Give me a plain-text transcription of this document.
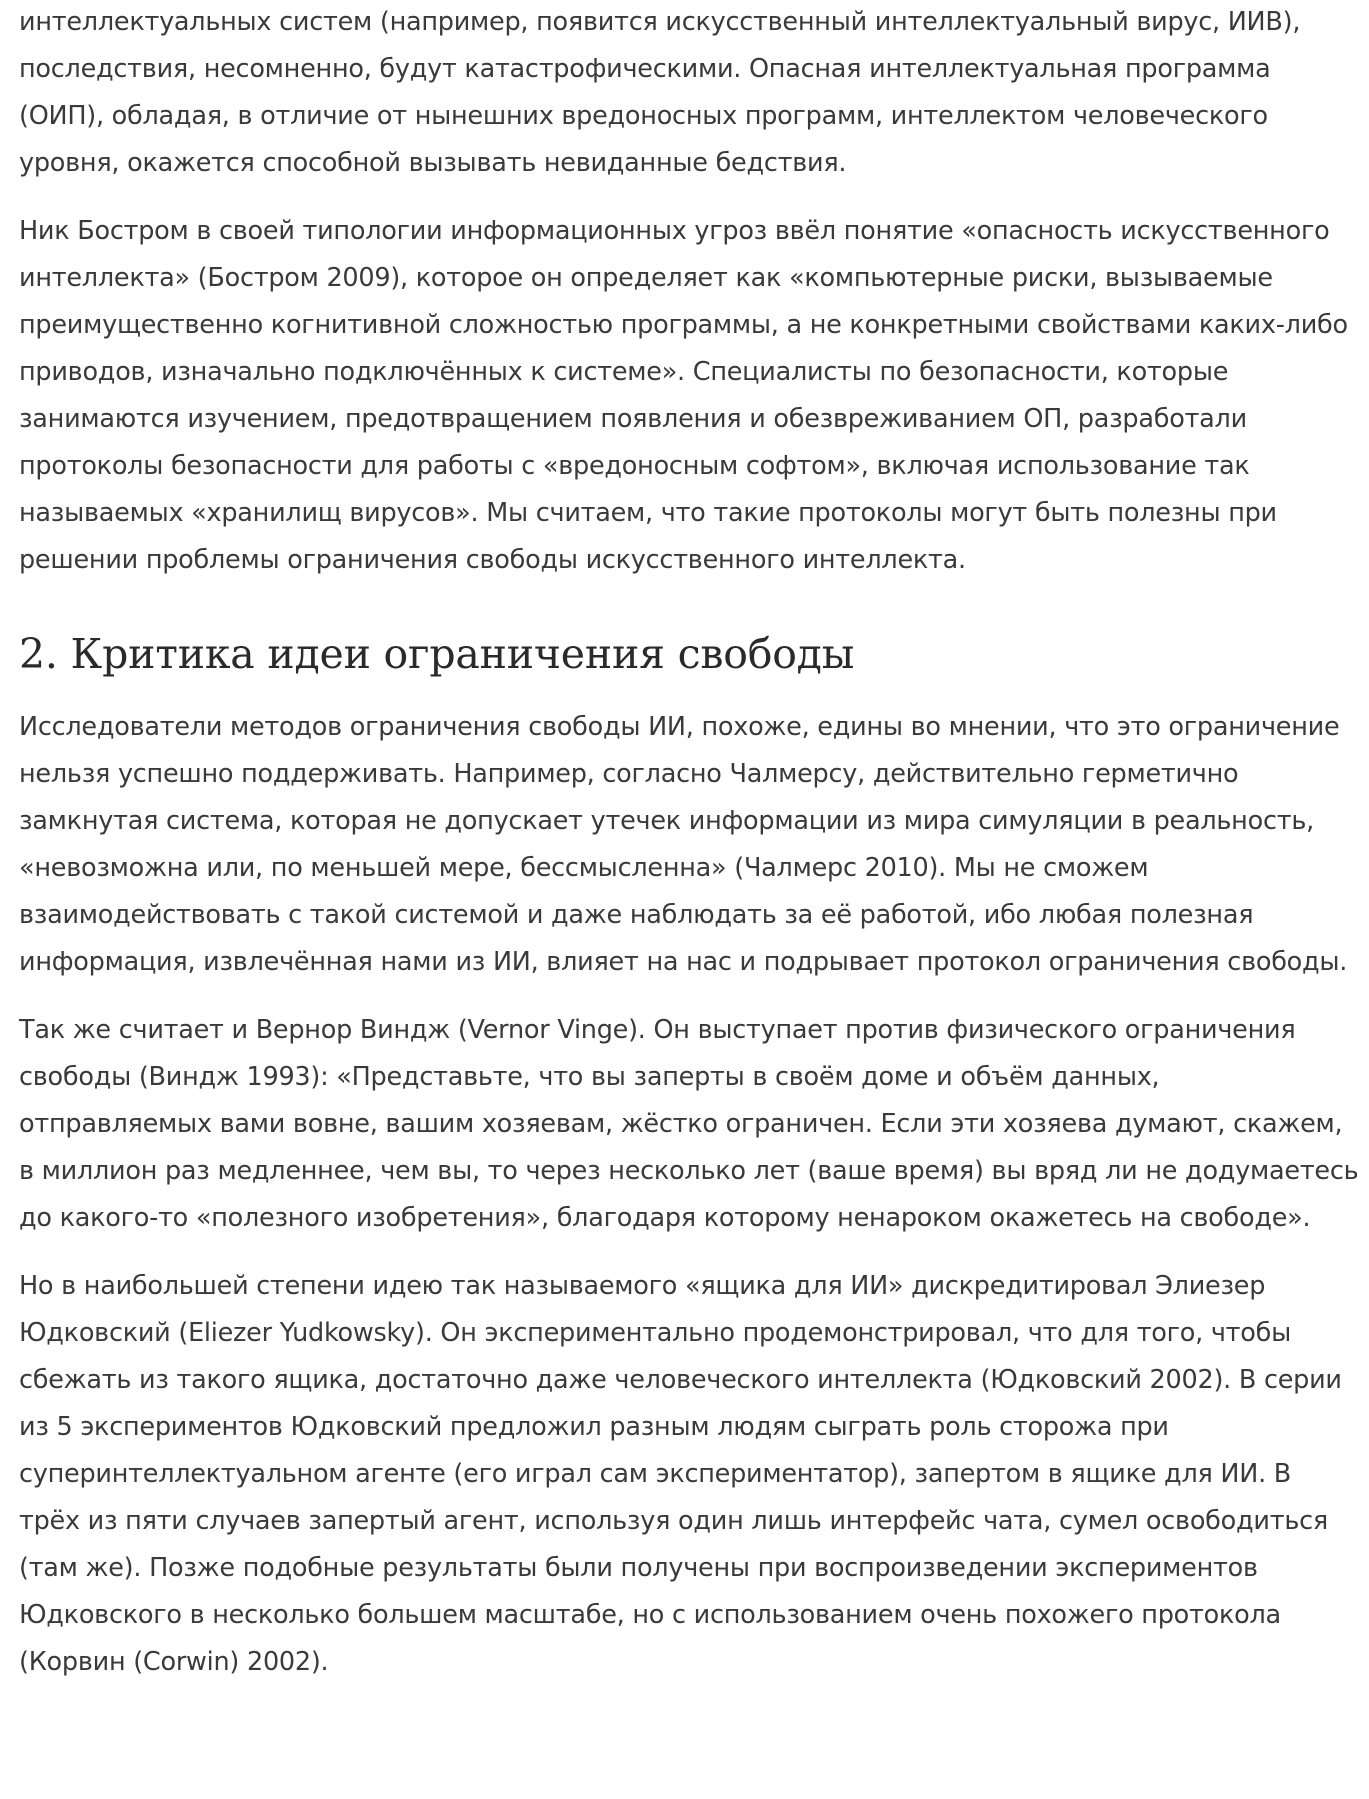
интеллектуальных систем (например, появится искусственный интеллектуальный вирус, ИИВ), последствия, несомненно, будут катастрофическими. Опасная интеллектуальная программа (ОИП), обладая, в отличие от нынешних вредоносных программ, интеллектом человеческого уровня, окажется способной вызывать невиданные бедствия.

Ник Бостром в своей типологии информационных угроз ввёл понятие «опасность искусственного интеллекта» (Бостром 2009), которое он определяет как «компьютерные риски, вызываемые преимущественно когнитивной сложностью программы, а не конкретными свойствами каких-либо приводов, изначально подключённых к системе». Специалисты по безопасности, которые занимаются изучением, предотвращением появления и обезвреживанием ОП, разработали протоколы безопасности для работы с «вредоносным софтом», включая использование так называемых «хранилищ вирусов». Мы считаем, что такие протоколы могут быть полезны при решении проблемы ограничения свободы искусственного интеллекта.

2. Критика идеи ограничения свободы

Исследователи методов ограничения свободы ИИ, похоже, едины во мнении, что это ограничение нельзя успешно поддерживать. Например, согласно Чалмерсу, действительно герметично замкнутая система, которая не допускает утечек информации из мира симуляции в реальность, «невозможна или, по меньшей мере, бессмысленна» (Чалмерс 2010). Мы не сможем взаимодействовать с такой системой и даже наблюдать за её работой, ибо любая полезная информация, извлечённая нами из ИИ, влияет на нас и подрывает протокол ограничения свободы.

Так же считает и Вернор Виндж (Vernor Vinge). Он выступает против физического ограничения свободы (Виндж 1993): «Представьте, что вы заперты в своём доме и объём данных, отправляемых вами вовне, вашим хозяевам, жёстко ограничен. Если эти хозяева думают, скажем, в миллион раз медленнее, чем вы, то через несколько лет (ваше время) вы вряд ли не додумаетесь до какого-то «полезного изобретения», благодаря которому ненароком окажетесь на свободе».

Но в наибольшей степени идею так называемого «ящика для ИИ» дискредитировал Элиезер Юдковский (Eliezer Yudkowsky). Он экспериментально продемонстрировал, что для того, чтобы сбежать из такого ящика, достаточно даже человеческого интеллекта (Юдковский 2002). В серии из 5 экспериментов Юдковский предложил разным людям сыграть роль сторожа при суперинтеллектуальном агенте (его играл сам экспериментатор), запертом в ящике для ИИ. В трёх из пяти случаев запертый агент, используя один лишь интерфейс чата, сумел освободиться (там же). Позже подобные результаты были получены при воспроизведении экспериментов Юдковского в несколько большем масштабе, но с использованием очень похожего протокола (Корвин (Corwin) 2002).
